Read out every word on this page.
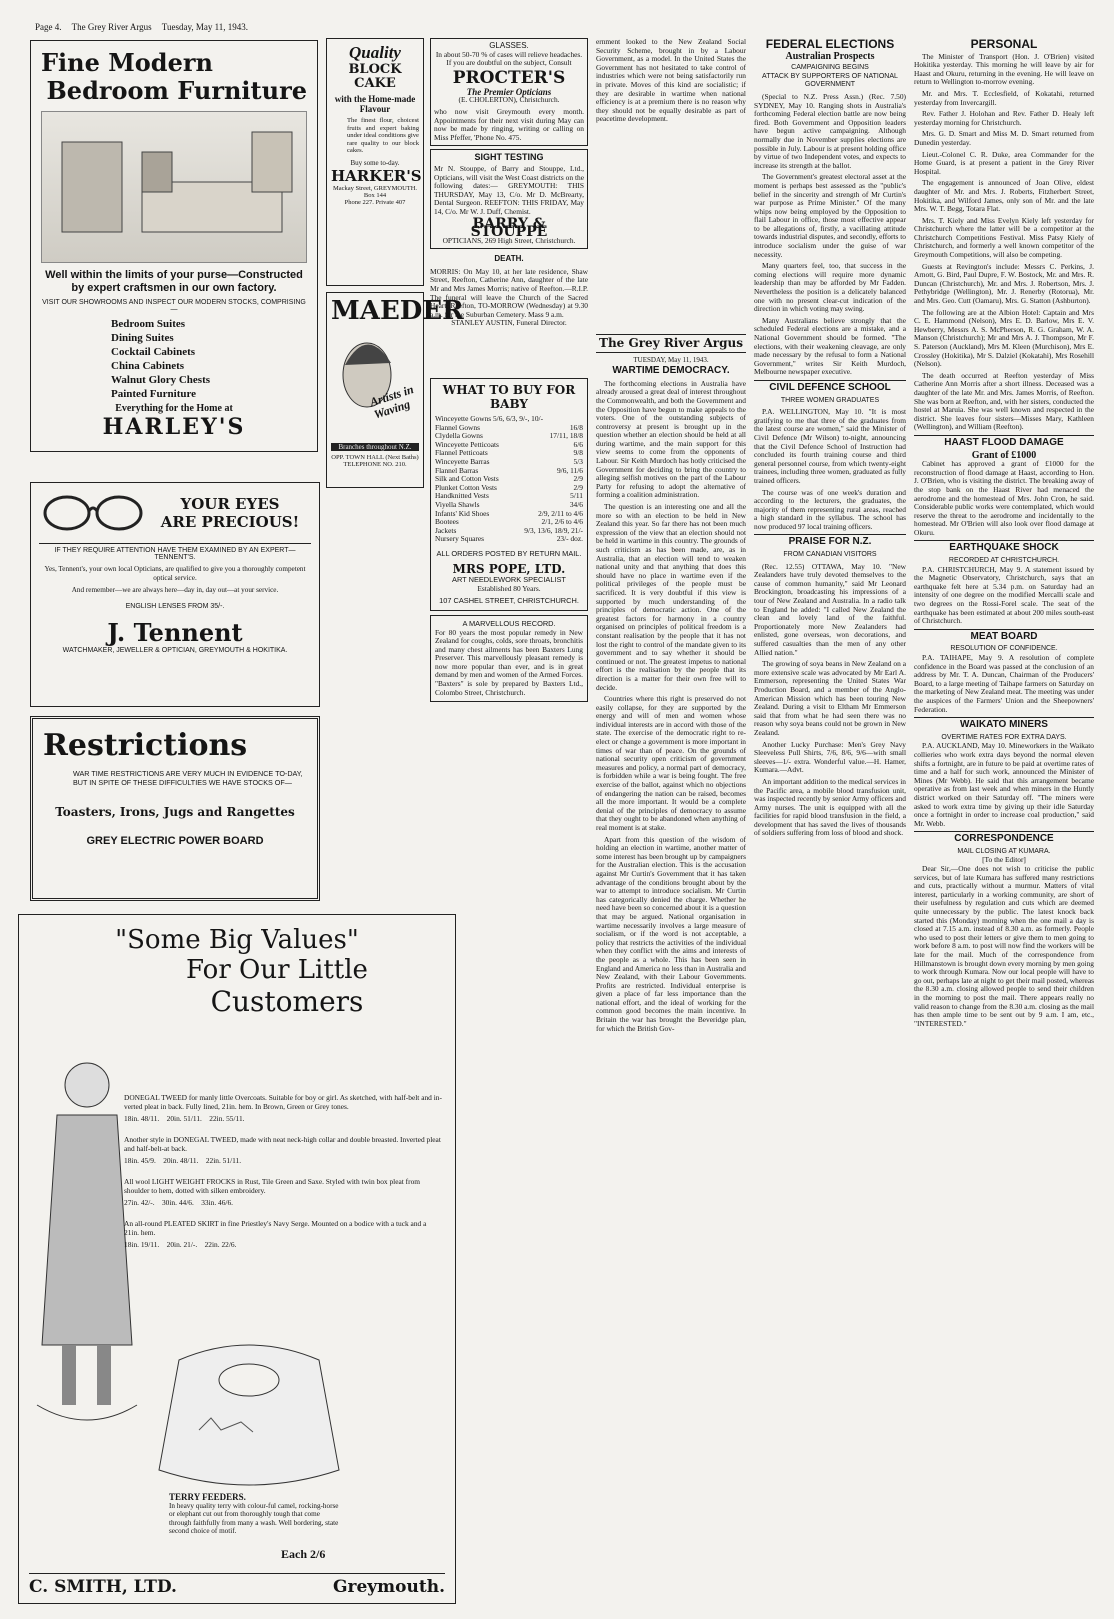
Page 4. The Grey River Argus Tuesday, May 11, 1943.
Fine Modern
Bedroom Furniture
Well within the limits of your purse—Constructed by expert craftsmen in our own factory.
VISIT OUR SHOWROOMS AND INSPECT OUR MODERN STOCKS, COMPRISING—
Bedroom Suites
Dining Suites
Cocktail Cabinets
China Cabinets
Walnut Glory Chests
Painted Furniture
Everything for the Home at
HARLEY'S
Quality
BLOCK CAKE
with the Home-made Flavour
The finest flour, choicest fruits and expert baking under ideal conditions give rare quality to our block cakes.
Buy some to-day.
HARKER'S
Mackay Street, GREYMOUTH. Box 144
Phone 227. Private 407
MAEDER
Artists in Waving
Branches throughout N.Z.
OPP. TOWN HALL (Next Baths)
TELEPHONE NO. 210.
YOUR EYES
ARE PRECIOUS!
IF THEY REQUIRE ATTENTION HAVE THEM EXAMINED BY AN EXPERT—TENNENT'S.
Yes, Tennent's, your own local Opticians, are qualified to give you a thoroughly competent optical service.
And remember—we are always here—day in, day out—at your service.
ENGLISH LENSES FROM 35/-.
J. Tennent
WATCHMAKER, JEWELLER & OPTICIAN, GREYMOUTH & HOKITIKA.
Restrictions
WAR TIME RESTRICTIONS ARE VERY MUCH IN EVIDENCE TO-DAY, BUT IN SPITE OF THESE DIFFICULTIES WE HAVE STOCKS OF—
Toasters, Irons, Jugs and Rangettes
GREY ELECTRIC POWER BOARD
"Some Big Values"
For Our Little
Customers
DONEGAL TWEED for manly little Overcoats. Suitable for boy or girl. As sketched, with half-belt and in-verted pleat in back. Fully lined, 21in. hem. In Brown, Green or Grey tones.
18in. 48/11.    20in. 51/11.    22in. 55/11.
Another style in DONEGAL TWEED, made with neat neck-high collar and double breasted. Inverted pleat and half-belt-at back.
18in. 45/9.    20in. 48/11.    22in. 51/11.
All wool LIGHT WEIGHT FROCKS in Rust, Tile Green and Saxe. Styled with twin box pleat from shoulder to hem, dotted with silken embroidery.
27in. 42/-.    30in. 44/6.    33in. 46/6.
An all-round PLEATED SKIRT in fine Priestley's Navy Serge. Mounted on a bodice with a tuck and a 21in. hem.
18in. 19/11.    20in. 21/-.    22in. 22/6.
TERRY FEEDERS.
In heavy quality terry with colour-ful camel, rocking-horse or elephant cut out from thoroughly tough that come through faithfully from many a wash. Well bordering, state second choice of motif.
Each 2/6
C. SMITH, LTD.	Greymouth.
GLASSES.
In about 50-70 % of cases will relieve headaches. If you are doubtful on the subject, Consult
PROCTER'S
The Premier Opticians
(E. CHOLERTON), Christchurch.
who now visit Greymouth every month. Appointments for their next visit during May can now be made by ringing, writing or calling on Miss Pfeffer, 'Phone No. 475.
SIGHT TESTING
Mr N. Stouppe, of Barry and Stouppe, Ltd., Opticians, will visit the West Coast districts on the following dates:— GREYMOUTH: THIS THURSDAY, May 13, C/o. Mr D. McBrearty, Dental Surgeon. REEFTON: THIS FRIDAY, May 14, C/o. Mr W. J. Duff, Chemist.
BARRY & STOUPPE
OPTICIANS, 269 High Street, Christchurch.
DEATH.
MORRIS: On May 10, at her late residence, Shaw Street, Reefton, Catherine Ann, daughter of the late Mr and Mrs James Morris; native of Reefton.—R.I.P. The funeral will leave the Church of the Sacred Heart, Reefton, TO-MORROW (Wednesday) at 9.30 a.m. for the Suburban Cemetery. Mass 9 a.m.
STANLEY AUSTIN, Funeral Director.
WHAT TO BUY FOR BABY
Winceyette Gowns 5/6, 6/3, 9/-, 10/-
Flannel Gowns	16/8
Clydella Gowns	17/11, 18/8
Winceyette Petticoats	6/6
Flannel Petticoats	9/8
Winceyette Barras	5/3
Flannel Barras	9/6, 11/6
Silk and Cotton Vests	2/9
Plunket Cotton Vests	2/9
Handknitted Vests	5/11
Viyella Shawls	34/6
Infants' Kid Shoes	2/9, 2/11 to 4/6
Bootees	2/1, 2/6 to 4/6
Jackets	9/3, 13/6, 18/9, 21/-
Nursery Squares	23/- doz.
ALL ORDERS POSTED BY RETURN MAIL.
MRS POPE, LTD.
ART NEEDLEWORK SPECIALIST
Established 80 Years.
107 CASHEL STREET, CHRISTCHURCH.
A MARVELLOUS RECORD.
For 80 years the most popular remedy in New Zealand for coughs, colds, sore throats, bronchitis and many chest ailments has been Baxters Lung Preserver. This marvellously pleasant remedy is now more popular than ever, and is in great demand by men and women of the Armed Forces. "Baxters" is sole by prepared by Baxters Ltd., Colombo Street, Christchurch.

ernment looked to the New Zealand Social Security Scheme, brought in by a Labour Government, as a model. In the United States the Government has not hesitated to take control of industries which were not being satisfactorily run in private. Moves of this kind are socialistic; if they are desirable in wartime when national efficiency is at a premium there is no reason why they should not be equally desirable as part of peacetime development.

The Grey River Argus
TUESDAY, May 11, 1943.
WARTIME DEMOCRACY.

The forthcoming elections in Australia have already aroused a great deal of interest throughout the Commonwealth, and both the Government and the Opposition have begun to make appeals to the voters. One of the outstanding subjects of controversy at present is brought up in the question whether an election should be held at all during wartime, and the main support for this view seems to come from the opponents of Labour. Sir Keith Murdoch has hotly criticised the Government for deciding to bring the country to alleging selfish motives on the part of the Labour Party for refusing to adopt the alternative of forming a coalition administration.

The question is an interesting one and all the more so with an election to be held in New Zealand this year. So far there has not been much expression of the view that an election should not be held in wartime in this country. The grounds of such criticism as has been made, are, as in Australia, that an election will tend to weaken national unity and that anything that does this should have no place in wartime even if the political privileges of the people must be sacrificed. It is very doubtful if this view is supported by much understanding of the principles of democratic action. One of the greatest factors for harmony in a country organised on principles of political freedom is a constant realisation by the people that it has not lost the right to control of the mandate given to its government and to say whether it should be continued or not. The greatest impetus to national effort is the realisation by the people that its direction is a matter for their own free will to decide.

Countries where this right is preserved do not easily collapse, for they are supported by the energy and will of men and women whose individual interests are in accord with those of the state. The exercise of the democratic right to re-elect or change a government is more important in times of war than of peace. On the grounds of national security open criticism of government measures and policy, a normal part of democracy, is forbidden while a war is being fought. The free exercise of the ballot, against which no objections of endangering the nation can be raised, becomes all the more important. It would be a complete denial of the principles of democracy to assume that they ought to be abandoned when anything of real moment is at stake.

Apart from this question of the wisdom of holding an election in wartime, another matter of some interest has been brought up by campaigners for the Australian election. This is the accusation against Mr Curtin's Government that it has taken advantage of the conditions brought about by the war to attempt to introduce socialism. Mr Curtin has categorically denied the charge. Whether he need have been so concerned about it is a question that may be argued. National organisation in wartime necessarily involves a large measure of socialism, or if the word is not acceptable, a policy that restricts the activities of the individual when they conflict with the aims and interests of the people as a whole. This has been seen in England and America no less than in Australia and New Zealand, with their Labour Governments. Profits are restricted. Individual enterprise is given a place of far less importance than the national effort, and the ideal of working for the common good becomes the main incentive. In Britain the war has brought the Beveridge plan, for which the British Gov-

FEDERAL ELECTIONS
Australian Prospects
CAMPAIGNING BEGINS
ATTACK BY SUPPORTERS OF NATIONAL GOVERNMENT

(Special to N.Z. Press Assn.) (Rec. 7.50) SYDNEY, May 10. Ranging shots in Australia's forthcoming Federal election battle are now being fired. Both Government and Opposition leaders have begun active campaigning. Although normally due in November supplies elections are possible in July. Labour is at present holding office by virtue of two Independent votes, and expects to increase its strength at the ballot.

The Government's greatest electoral asset at the moment is perhaps best assessed as the "public's belief in the sincerity and strength of Mr Curtin's war purpose as Prime Minister." Of the many whips now being employed by the Opposition to flail Labour in office, those most effective appear to be allegations of, firstly, a vacillating attitude towards industrial disputes, and secondly, efforts to introduce socialism under the guise of war necessity.

Many quarters feel, too, that success in the coming elections will require more dynamic leadership than may be afforded by Mr Fadden. Nevertheless the position is a delicately balanced one with no present clear-cut indication of the direction in which voting may swing.

Many Australians believe strongly that the scheduled Federal elections are a mistake, and a National Government should be formed. "The elections, with their weakening cleavage, are only made necessary by the refusal to form a National Government," writes Sir Keith Murdoch, Melbourne newspaper executive.

CIVIL DEFENCE SCHOOL
THREE WOMEN GRADUATES

P.A. WELLINGTON, May 10. "It is most gratifying to me that three of the graduates from the latest course are women," said the Minister of Civil Defence (Mr Wilson) to-night, announcing that the Civil Defence School of Instruction had concluded its fourth training course and third general personnel course, from which twenty-eight trainees, including three women, graduated as fully trained officers.

The course was of one week's duration and according to the lecturers, the graduates, the majority of them representing rural areas, reached a high standard in the syllabus. The school has now produced 97 local training officers.

PRAISE FOR N.Z.
FROM CANADIAN VISITORS

(Rec. 12.55) OTTAWA, May 10. "New Zealanders have truly devoted themselves to the cause of common humanity," said Mr Leonard Brockington, broadcasting his impressions of a tour of New Zealand and Australia. In a radio talk to England he added: "I called New Zealand the clean and lovely land of the faithful. Proportionately more New Zealanders had enlisted, gone overseas, won decorations, and suffered casualties than the men of any other Allied nation."

The growing of soya beans in New Zealand on a more extensive scale was advocated by Mr Earl A. Emmerson, representing the United States War Production Board, and a member of the Anglo-American Mission which has been touring New Zealand. During a visit to Eltham Mr Emmerson said that from what he had seen there was no reason why soya beans could not be grown in New Zealand.

Another Lucky Purchase: Men's Grey Navy Sleeveless Pull Shirts, 7/6, 8/6, 9/6—with small sleeves—1/- extra. Wonderful value.—H. Hamer, Kumara.—Advt.

An important addition to the medical services in the Pacific area, a mobile blood transfusion unit, was inspected recently by senior Army officers and Army nurses. The unit is equipped with all the facilities for rapid blood transfusion in the field, a development that has saved the lives of thousands of soldiers suffering from loss of blood and shock.

PERSONAL

The Minister of Transport (Hon. J. O'Brien) visited Hokitika yesterday. This morning he will leave by air for Haast and Okuru, returning in the evening. He will leave on return to Wellington to-morrow evening.

Mr. and Mrs. T. Ecclesfield, of Kokatahi, returned yesterday from Invercargill.

Rev. Father J. Holohan and Rev. Father D. Healy left yesterday morning for Christchurch.

Mrs. G. D. Smart and Miss M. D. Smart returned from Dunedin yesterday.

Lieut.-Colonel C. R. Duke, area Commander for the Home Guard, is at present a patient in the Grey River Hospital.

The engagement is announced of Joan Olive, eldest daughter of Mr. and Mrs. J. Roberts, Fitzherbert Street, Hokitika, and Wilford James, only son of Mr. and the late Mrs. W. T. Begg, Totara Flat.

Mrs. T. Kiely and Miss Evelyn Kiely left yesterday for Christchurch where the latter will be a competitor at the Christchurch Competitions Festival. Miss Patsy Kiely of Christchurch, and formerly a well known competitor of the Greymouth Competitions, will also be competing.

Guests at Revington's include: Messrs C. Perkins, J. Arnott, G. Bird, Paul Dupre, F. W. Bostock, Mr. and Mrs. R. Duncan (Christchurch), Mr. and Mrs. J. Robertson, Mrs. J. Pethybridge (Wellington), Mr. J. Renerby (Rotorua), Mr. and Mrs. Geo. Cutt (Oamaru), Mrs. G. Statton (Ashburton).

The following are at the Albion Hotel: Captain and Mrs C. E. Hammond (Nelson), Mrs E. D. Barlow, Mrs E. V. Hewberry, Messrs A. S. McPherson, R. G. Graham, W. A. Manson (Christchurch); Mr and Mrs A. J. Thompson, Mr F. S. Paterson (Auckland), Mrs M. Kleen (Murchison), Mrs E. Crossley (Hokitika), Mr S. Dalziel (Kokatahi), Mrs Rosehill (Nelson).

The death occurred at Reefton yesterday of Miss Catherine Ann Morris after a short illness. Deceased was a daughter of the late Mr. and Mrs. James Morris, of Reefton. She was born at Reefton, and, with her sisters, conducted the hostel at Maruia. She was well known and respected in the district. She leaves four sisters—Misses Mary, Kathleen (Wellington), and William (Reefton).

HAAST FLOOD DAMAGE
Grant of £1000

Cabinet has approved a grant of £1000 for the reconstruction of flood damage at Haast, according to Hon. J. O'Brien, who is visiting the district. The breaking away of the stop bank on the Haast River had menaced the aerodrome and the homestead of Mrs. John Cron, he said. Considerable public works were contemplated, which would reserve the threat to the aerodrome and incidentally to the homestead. Mr O'Brien will also look over flood damage at Okuru.

EARTHQUAKE SHOCK
RECORDED AT CHRISTCHURCH.

P.A. CHRISTCHURCH, May 9. A statement issued by the Magnetic Observatory, Christchurch, says that an earthquake felt here at 5.34 p.m. on Saturday had an intensity of one degree on the modified Mercalli scale and two degrees on the Rossi-Forel scale. The seat of the earthquake has been estimated at about 200 miles south-east of Christchurch.

MEAT BOARD
RESOLUTION OF CONFIDENCE.

P.A. TAIHAPE, May 9. A resolution of complete confidence in the Board was passed at the conclusion of an address by Mr. T. A. Duncan, Chairman of the Producers' Board, to a large meeting of Taihape farmers on Saturday on the marketing of New Zealand meat. The meeting was under the auspices of the Farmers' Union and the Sheepowners' Federation.

WAIKATO MINERS
OVERTIME RATES FOR EXTRA DAYS.

P.A. AUCKLAND, May 10. Mineworkers in the Waikato collieries who work extra days beyond the normal eleven shifts a fortnight, are in future to be paid at overtime rates of time and a half for such work, announced the Minister of Mines (Mr Webb). He said that this arrangement became operative as from last week and when miners in the Huntly district worked on their Saturday off. "The miners were asked to work extra time by giving up their idle Saturday once a fortnight in order to increase coal production," said Mr. Webb.

CORRESPONDENCE
MAIL CLOSING AT KUMARA.
[To the Editor]

Dear Sir,—One does not wish to criticise the public services, but of late Kumara has suffered many restrictions and cuts, practically without a murmur. Matters of vital interest, particularly in a working community, are short of their usefulness by regulation and cuts which are deemed quite unnecessary by the public. The latest knock back started this (Monday) morning when the one mail a day is closed at 7.15 a.m. instead of 8.30 a.m. as formerly. People who used to post their letters or give them to men going to work before 8 a.m. to post will now find the workers will be late for the mail. Much of the correspondence from Hillmanstown is brought down every morning by men going to work through Kumara. Now our local people will have to go out, perhaps late at night to get their mail posted, whereas the 8.30 a.m. closing allowed people to send their children in the morning to post the mail. There appears really no valid reason to change from the 8.30 a.m. closing as the mail has then ample time to be sent out by 9 a.m. I am, etc., "INTERESTED."
